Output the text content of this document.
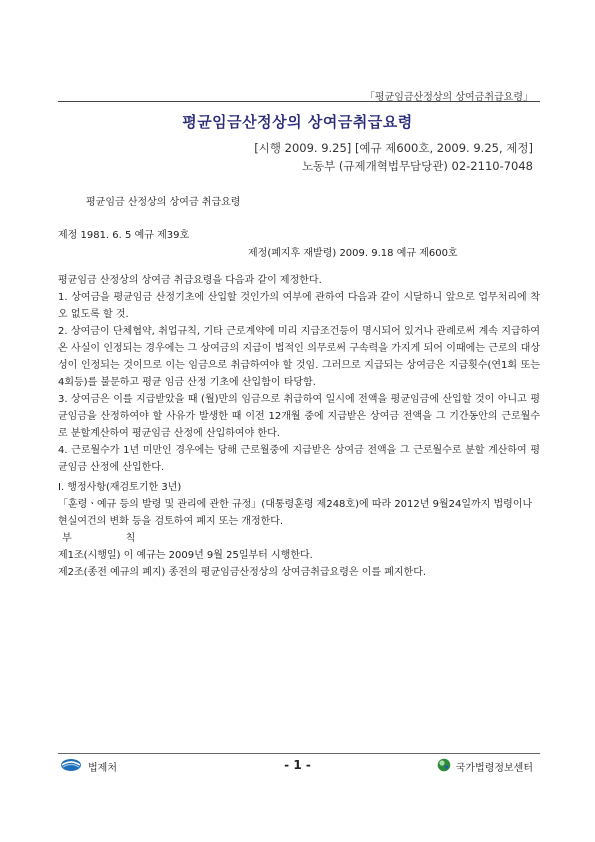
「평균임금산정상의 상여금취급요령」
평균임금산정상의 상여금취급요령
[시행 2009. 9.25] [예규 제600호, 2009. 9.25, 제정]
노동부 (규제개혁법무담당관) 02-2110-7048
평균임금 산정상의 상여금 취급요령
제정 1981. 6. 5 예규 제39호
제정(폐지후 재발령) 2009. 9.18 예규 제600호

평균임금 산정상의 상여금 취급요령을 다음과 같이 제정한다.

1. 상여금을 평균임금 산정기초에 산입할 것인가의 여부에 관하여 다음과 같이 시달하니 앞으로 업무처리에 착오 없도록 할 것.

2. 상여금이 단체협약, 취업규칙, 기타 근로계약에 미리 지급조건등이 명시되어 있거나 관례로써 계속 지급하여온 사실이 인정되는 경우에는 그 상여금의 지급이 법적인 의무로써 구속력을 가지게 되어 이때에는 근로의 대상성이 인정되는 것이므로 이는 임금으로 취급하여야 할 것임. 그러므로 지급되는 상여금은 지급횟수(연1회 또는 4회등)를 불문하고 평균 임금 산정 기초에 산입함이 타당함.

3. 상여금은 이를 지급받았을 때 (월)만의 임금으로 취급하여 일시에 전액을 평균임금에 산입할 것이 아니고 평균임금을 산정하여야 할 사유가 발생한 때 이전 12개월 중에 지급받은 상여금 전액을 그 기간동안의 근로월수로 분할계산하여 평균임금 산정에 산입하여야 한다.

4. 근로월수가 1년 미만인 경우에는 당해 근로월중에 지급받은 상여금 전액을 그 근로월수로 분할 계산하여 평균임금 산정에 산입한다.

Ⅰ. 행정사항(재검토기한 3년)

「훈령ㆍ예규 등의 발령 및 관리에 관한 규정」(대통령훈령 제248호)에 따라 2012년 9월24일까지 법령이나 현실여건의 변화 등을 검토하여 폐지 또는 개정한다.

부칙

제1조(시행일) 이 예규는 2009년 9월 25일부터 시행한다.

제2조(종전 예규의 폐지) 종전의 평균임금산정상의 상여금취급요령은 이를 폐지한다.

법제처	- 1 -	국가법령정보센터
